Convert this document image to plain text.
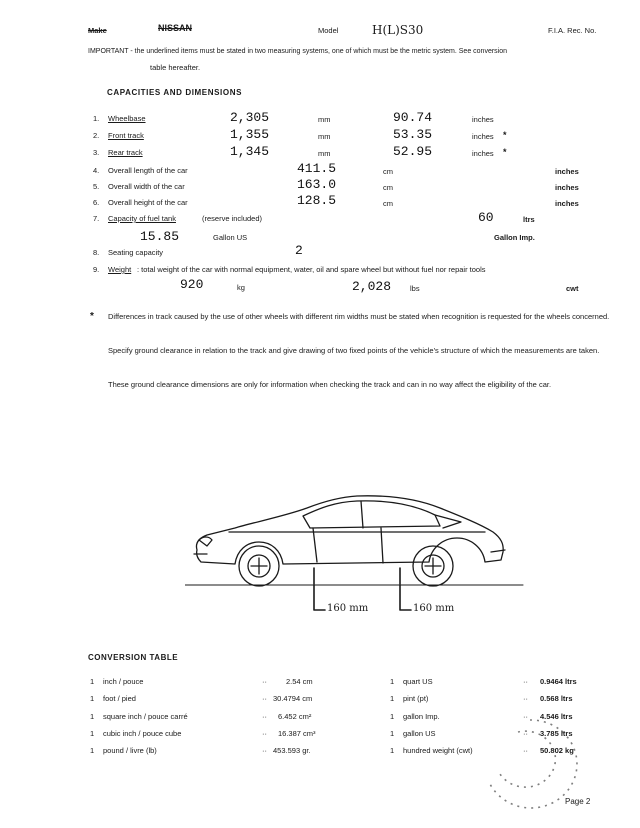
Make	NISSAN	Model	H(L)S30	F.I.A. Rec. No.
IMPORTANT - the underlined items must be stated in two measuring systems, one of which must be the metric system. See conversion
table hereafter.
CAPACITIES AND DIMENSIONS
1. Wheelbase	2,305	mm	90.74	inches
2. Front track	1,355	mm	53.35	inches *
3. Rear track	1,345	mm	52.95	inches *
4. Overall length of the car	411.5	cm	inches
5. Overall width of the car	163.0	cm	inches
6. Overall height of the car	128.5	cm	inches
7. Capacity of fuel tank	(reserve included)	60	ltrs
15.85	Gallon US	Gallon Imp.
8. Seating capacity	2
9. Weight : total weight of the car with normal equipment, water, oil and spare wheel but without fuel nor repair tools
920	kg	2,028	lbs	cwt
* Differences in track caused by the use of other wheels with different rim widths must be stated when recognition is requested for the wheels concerned.
Specify ground clearance in relation to the track and give drawing of two fixed points of the vehicle's structure of which the measurements are taken.
These ground clearance dimensions are only for information when checking the track and can in no way affect the eligibility of the car.
160 mm	160 mm
CONVERSION TABLE
1 inch / pouce	··	2.54 cm
1 foot / pied	·· 30.4794 cm
1 square inch / pouce carré	·· 6.452 cm²
1 cubic inch / pouce cube	·· 16.387 cm³
1 pound / livre (lb)	·· 453.593 gr.
1 quart US	·· 0.9464 ltrs
1 pint (pt)	·· 0.568 ltrs
1 gallon Imp.	·· 4.546 ltrs
1 gallon US	·· 3.785 ltrs
1 hundred weight (cwt)	·· 50.802 kg
Page 2
